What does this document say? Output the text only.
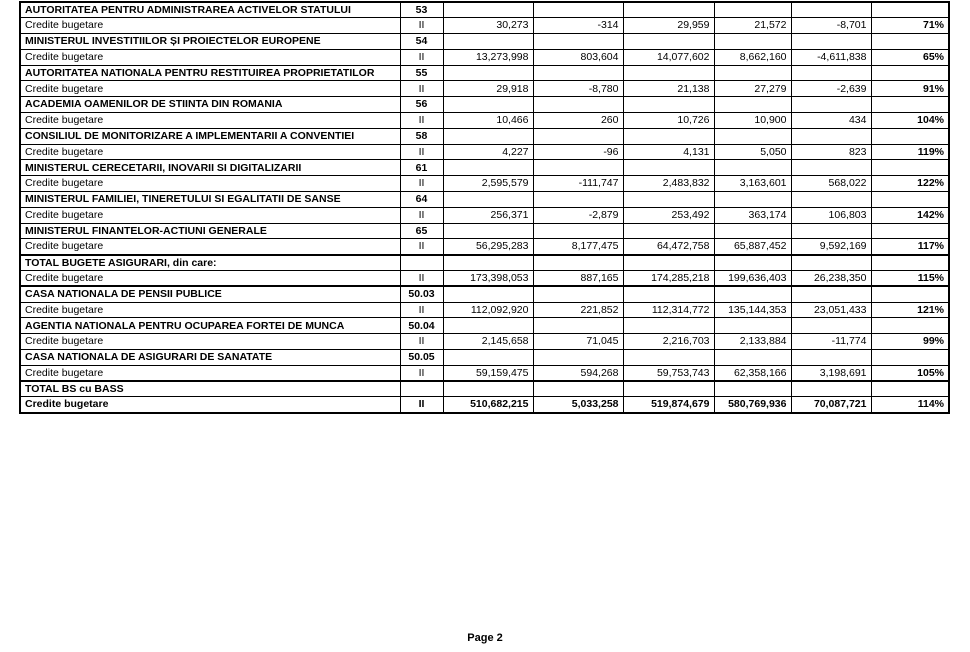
AUTORITATEA PENTRU ADMINISTRAREA ACTIVELOR STATULUI	53						
Credite bugetare	II	30,273	-314	29,959	21,572	-8,701	71%
MINISTERUL INVESTITIILOR ȘI PROIECTELOR EUROPENE	54						
Credite bugetare	II	13,273,998	803,604	14,077,602	8,662,160	-4,611,838	65%
AUTORITATEA NATIONALA PENTRU RESTITUIREA PROPRIETATILOR	55						
Credite bugetare	II	29,918	-8,780	21,138	27,279	-2,639	91%
ACADEMIA OAMENILOR DE STIINTA DIN ROMANIA	56						
Credite bugetare	II	10,466	260	10,726	10,900	434	104%
CONSILIUL DE MONITORIZARE A IMPLEMENTARII A CONVENTIEI	58						
Credite bugetare	II	4,227	-96	4,131	5,050	823	119%
MINISTERUL CERECETARII, INOVARII SI DIGITALIZARII	61						
Credite bugetare	II	2,595,579	-111,747	2,483,832	3,163,601	568,022	122%
MINISTERUL FAMILIEI, TINERETULUI SI EGALITATII DE SANSE	64						
Credite bugetare	II	256,371	-2,879	253,492	363,174	106,803	142%
MINISTERUL FINANTELOR-ACTIUNI GENERALE	65						
Credite bugetare	II	56,295,283	8,177,475	64,472,758	65,887,452	9,592,169	117%
TOTAL BUGETE ASIGURARI, din care:							
Credite bugetare	II	173,398,053	887,165	174,285,218	199,636,403	26,238,350	115%
CASA NATIONALA DE PENSII PUBLICE	50.03						
Credite bugetare	II	112,092,920	221,852	112,314,772	135,144,353	23,051,433	121%
AGENTIA NATIONALA PENTRU OCUPAREA FORTEI DE MUNCA	50.04						
Credite bugetare	II	2,145,658	71,045	2,216,703	2,133,884	-11,774	99%
CASA NATIONALA DE ASIGURARI DE SANATATE	50.05						
Credite bugetare	II	59,159,475	594,268	59,753,743	62,358,166	3,198,691	105%
TOTAL BS cu BASS							
Credite bugetare	II	510,682,215	5,033,258	519,874,679	580,769,936	70,087,721	114%
Page 2
